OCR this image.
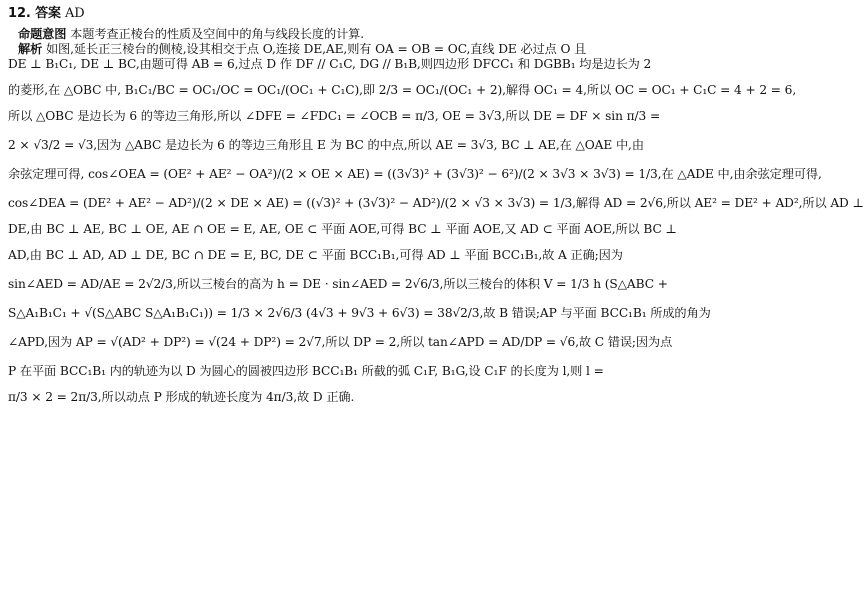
12. 答案 AD
命题意图 本题考查正棱台的性质及空间中的角与线段长度的计算.
解析 如图,延长正三棱台的侧棱,设其相交于点 O,连接 DE,AE,则有 OA = OB = OC,直线 DE 必过点 O 且
DE ⊥ B₁C₁, DE ⊥ BC,由题可得 AB = 6,过点 D 作 DF // C₁C, DG // B₁B,则四边形 DFCC₁ 和 DGBB₁ 均是边长为 2
的菱形,在 △OBC 中, B₁C₁/BC = OC₁/OC = OC₁/(OC₁ + C₁C),即 2/3 = OC₁/(OC₁ + 2),解得 OC₁ = 4,所以 OC = OC₁ + C₁C = 4 + 2 = 6,
所以 △OBC 是边长为 6 的等边三角形,所以 ∠DFE = ∠FDC₁ = ∠OCB = π/3, OE = 3√3,所以 DE = DF × sin π/3 =
2 × √3/2 = √3,因为 △ABC 是边长为 6 的等边三角形且 E 为 BC 的中点,所以 AE = 3√3, BC ⊥ AE,在 △OAE 中,由
余弦定理可得, cos∠OEA = (OE² + AE² − OA²)/(2 × OE × AE) = ((3√3)² + (3√3)² − 6²)/(2 × 3√3 × 3√3) = 1/3,在 △ADE 中,由余弦定理可得,
cos∠DEA = (DE² + AE² − AD²)/(2 × DE × AE) = ((√3)² + (3√3)² − AD²)/(2 × √3 × 3√3) = 1/3,解得 AD = 2√6,所以 AE² = DE² + AD²,所以 AD ⊥
DE,由 BC ⊥ AE, BC ⊥ OE, AE ∩ OE = E, AE, OE ⊂ 平面 AOE,可得 BC ⊥ 平面 AOE,又 AD ⊂ 平面 AOE,所以 BC ⊥
AD,由 BC ⊥ AD, AD ⊥ DE, BC ∩ DE = E, BC, DE ⊂ 平面 BCC₁B₁,可得 AD ⊥ 平面 BCC₁B₁,故 A 正确;因为
sin∠AED = AD/AE = 2√2/3,所以三棱台的高为 h = DE · sin∠AED = 2√6/3,所以三棱台的体积 V = 1/3 h (S△ABC +
S△A₁B₁C₁ + √(S△ABC S△A₁B₁C₁)) = 1/3 × 2√6/3 (4√3 + 9√3 + 6√3) = 38√2/3,故 B 错误;AP 与平面 BCC₁B₁ 所成的角为
∠APD,因为 AP = √(AD² + DP²) = √(24 + DP²) = 2√7,所以 DP = 2,所以 tan∠APD = AD/DP = √6,故 C 错误;因为点
P 在平面 BCC₁B₁ 内的轨迹为以 D 为圆心的圆被四边形 BCC₁B₁ 所截的弧 C₁F, B₁G,设 C₁F 的长度为 l,则 l =
π/3 × 2 = 2π/3,所以动点 P 形成的轨迹长度为 4π/3,故 D 正确.
